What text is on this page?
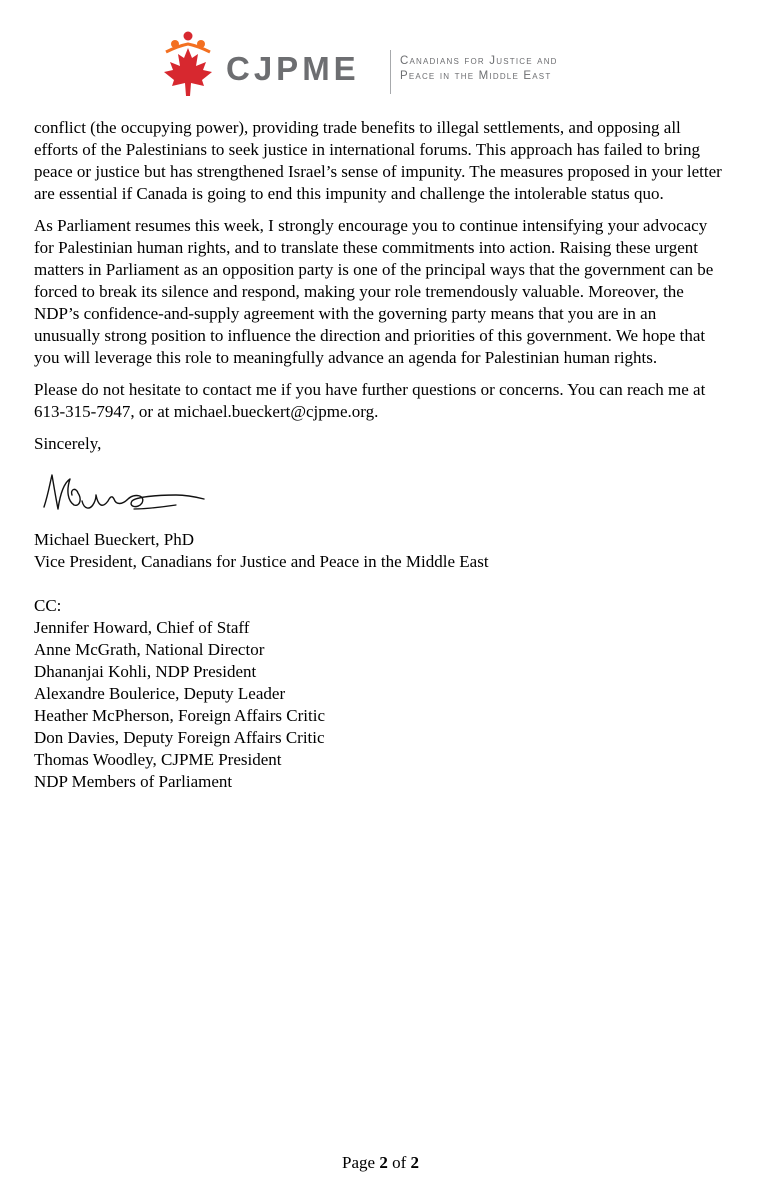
CJPME	Canadians for Justice and
Peace in the Middle East

conflict (the occupying power), providing trade benefits to illegal settlements, and opposing all efforts of the Palestinians to seek justice in international forums. This approach has failed to bring peace or justice but has strengthened Israel’s sense of impunity. The measures proposed in your letter are essential if Canada is going to end this impunity and challenge the intolerable status quo.

As Parliament resumes this week, I strongly encourage you to continue intensifying your advocacy for Palestinian human rights, and to translate these commitments into action. Raising these urgent matters in Parliament as an opposition party is one of the principal ways that the government can be forced to break its silence and respond, making your role tremendously valuable. Moreover, the NDP’s confidence-and-supply agreement with the governing party means that you are in an unusually strong position to influence the direction and priorities of this government. We hope that you will leverage this role to meaningfully advance an agenda for Palestinian human rights.

Please do not hesitate to contact me if you have further questions or concerns. You can reach me at 613-315-7947, or at michael.bueckert@cjpme.org.

Sincerely,

Michael Bueckert, PhD
Vice President, Canadians for Justice and Peace in the Middle East
CC:
Jennifer Howard, Chief of Staff
Anne McGrath, National Director
Dhananjai Kohli, NDP President
Alexandre Boulerice, Deputy Leader
Heather McPherson, Foreign Affairs Critic
Don Davies, Deputy Foreign Affairs Critic
Thomas Woodley, CJPME President
NDP Members of Parliament
Page 2 of 2
